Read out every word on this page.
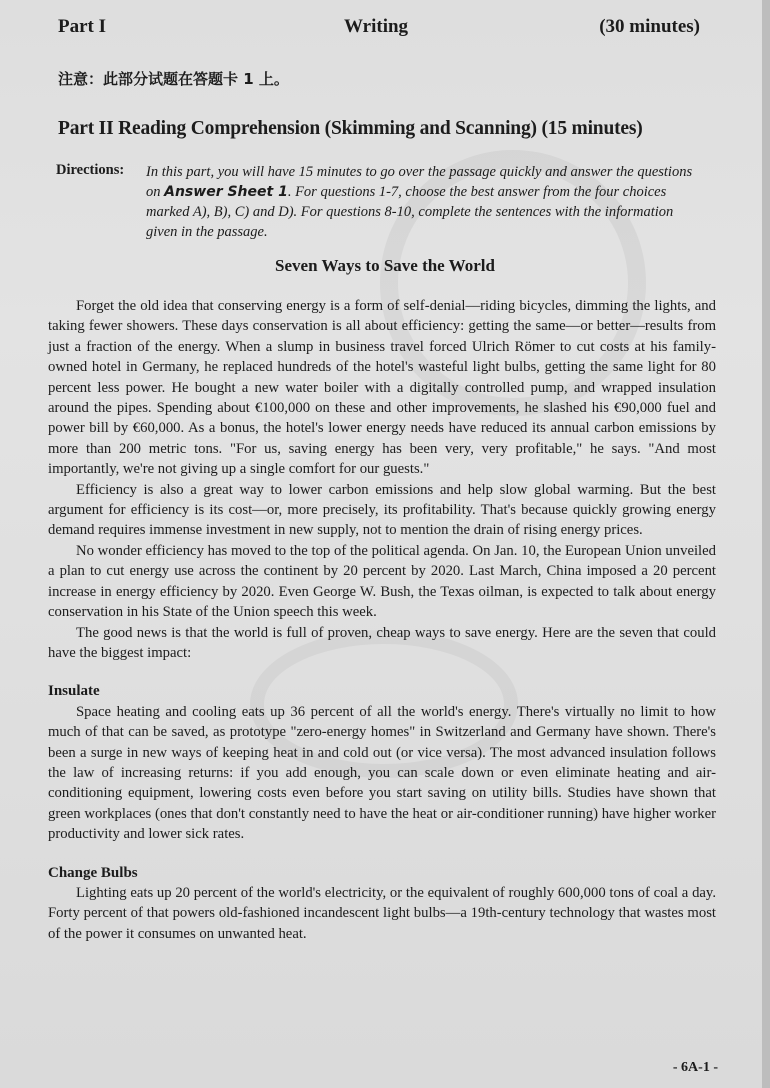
Part I	Writing	(30 minutes)
注意：此部分试题在答题卡 1 上。
Part II Reading Comprehension (Skimming and Scanning) (15 minutes)
Directions: In this part, you will have 15 minutes to go over the passage quickly and answer the questions on Answer Sheet 1. For questions 1-7, choose the best answer from the four choices marked A), B), C) and D). For questions 8-10, complete the sentences with the information given in the passage.
Seven Ways to Save the World

Forget the old idea that conserving energy is a form of self-denial—riding bicycles, dimming the lights, and taking fewer showers. These days conservation is all about efficiency: getting the same—or better—results from just a fraction of the energy. When a slump in business travel forced Ulrich Römer to cut costs at his family-owned hotel in Germany, he replaced hundreds of the hotel's wasteful light bulbs, getting the same light for 80 percent less power. He bought a new water boiler with a digitally controlled pump, and wrapped insulation around the pipes. Spending about €100,000 on these and other improvements, he slashed his €90,000 fuel and power bill by €60,000. As a bonus, the hotel's lower energy needs have reduced its annual carbon emissions by more than 200 metric tons. "For us, saving energy has been very, very profitable," he says. "And most importantly, we're not giving up a single comfort for our guests."

Efficiency is also a great way to lower carbon emissions and help slow global warming. But the best argument for efficiency is its cost—or, more precisely, its profitability. That's because quickly growing energy demand requires immense investment in new supply, not to mention the drain of rising energy prices.

No wonder efficiency has moved to the top of the political agenda. On Jan. 10, the European Union unveiled a plan to cut energy use across the continent by 20 percent by 2020. Last March, China imposed a 20 percent increase in energy efficiency by 2020. Even George W. Bush, the Texas oilman, is expected to talk about energy conservation in his State of the Union speech this week.

The good news is that the world is full of proven, cheap ways to save energy. Here are the seven that could have the biggest impact:

Insulate

Space heating and cooling eats up 36 percent of all the world's energy. There's virtually no limit to how much of that can be saved, as prototype "zero-energy homes" in Switzerland and Germany have shown. There's been a surge in new ways of keeping heat in and cold out (or vice versa). The most advanced insulation follows the law of increasing returns: if you add enough, you can scale down or even eliminate heating and air-conditioning equipment, lowering costs even before you start saving on utility bills. Studies have shown that green workplaces (ones that don't constantly need to have the heat or air-conditioner running) have higher worker productivity and lower sick rates.

Change Bulbs

Lighting eats up 20 percent of the world's electricity, or the equivalent of roughly 600,000 tons of coal a day. Forty percent of that powers old-fashioned incandescent light bulbs—a 19th-century technology that wastes most of the power it consumes on unwanted heat.

- 6A-1 -
